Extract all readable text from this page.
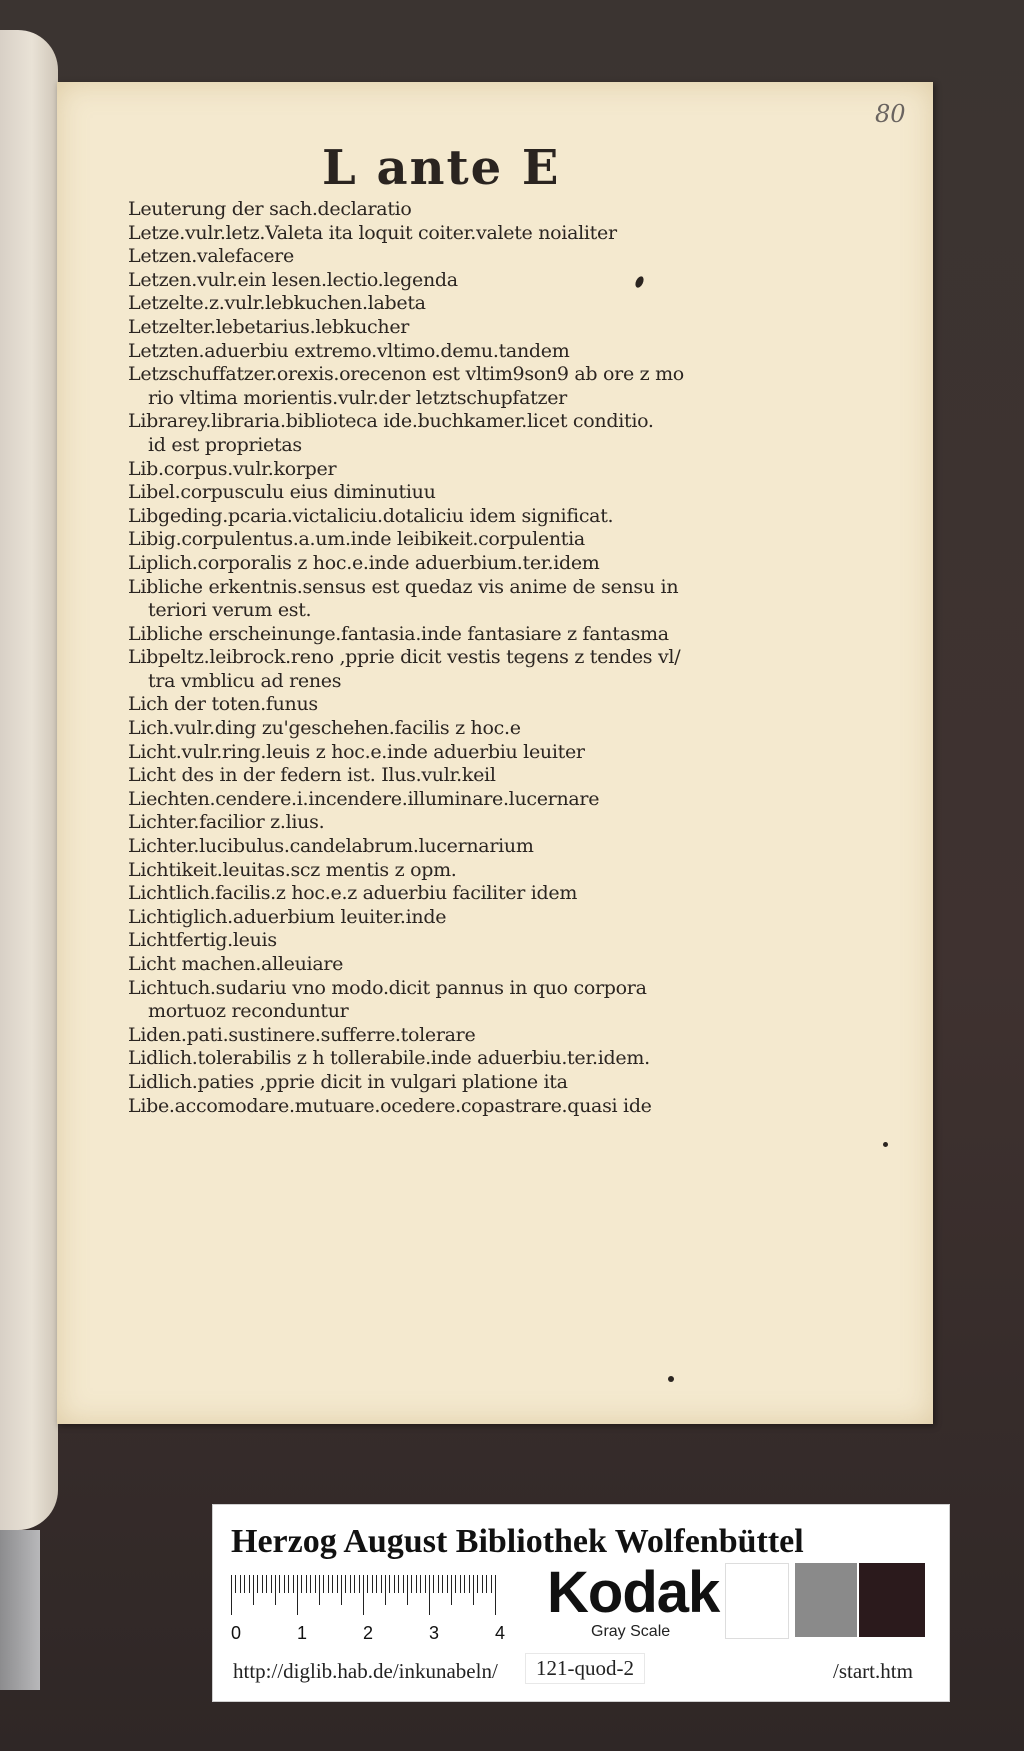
80
L ante E
Leuterung der sach.declaratio
Letze.vulr.letz.Valeta ita loquit coiter.valete noialiter
Letzen.valefacere
Letzen.vulr.ein lesen.lectio.legenda
Letzelte.z.vulr.lebkuchen.labeta
Letzelter.lebetarius.lebkucher
Letzten.aduerbiu extremo.vltimo.demu.tandem
Letzschuffatzer.orexis.orecenon est vltim9son9 ab ore z mo
rio vltima morientis.vulr.der letztschupfatzer
Librarey.libraria.biblioteca ide.buchkamer.licet conditio.
id est proprietas
Lib.corpus.vulr.korper
Libel.corpusculu eius diminutiuu
Libgeding.pcaria.victaliciu.dotaliciu idem significat.
Libig.corpulentus.a.um.inde leibikeit.corpulentia
Liplich.corporalis z hoc.e.inde aduerbium.ter.idem
Libliche erkentnis.sensus est quedaz vis anime de sensu in
teriori verum est.
Libliche erscheinunge.fantasia.inde fantasiare z fantasma
Libpeltz.leibrock.reno ,pprie dicit vestis tegens z tendes vl/
tra vmblicu ad renes
Lich der toten.funus
Lich.vulr.ding zu'geschehen.facilis z hoc.e
Licht.vulr.ring.leuis z hoc.e.inde aduerbiu leuiter
Licht des in der federn ist. Ilus.vulr.keil
Liechten.cendere.i.incendere.illuminare.lucernare
Lichter.facilior z.lius.
Lichter.lucibulus.candelabrum.lucernarium
Lichtikeit.leuitas.scz mentis z opm.
Lichtlich.facilis.z hoc.e.z aduerbiu faciliter idem
Lichtiglich.aduerbium leuiter.inde
Lichtfertig.leuis
Licht machen.alleuiare
Lichtuch.sudariu vno modo.dicit pannus in quo corpora
mortuoz reconduntur
Liden.pati.sustinere.sufferre.tolerare
Lidlich.tolerabilis z h tollerabile.inde aduerbiu.ter.idem.
Lidlich.paties ,pprie dicit in vulgari platione ita
Libe.accomodare.mutuare.ocedere.copastrare.quasi ide
Herzog August Bibliothek Wolfenbüttel
Kodak
Gray Scale
http://diglib.hab.de/inkunabeln/	121-quod-2	/start.htm
0	1	2	3	4
